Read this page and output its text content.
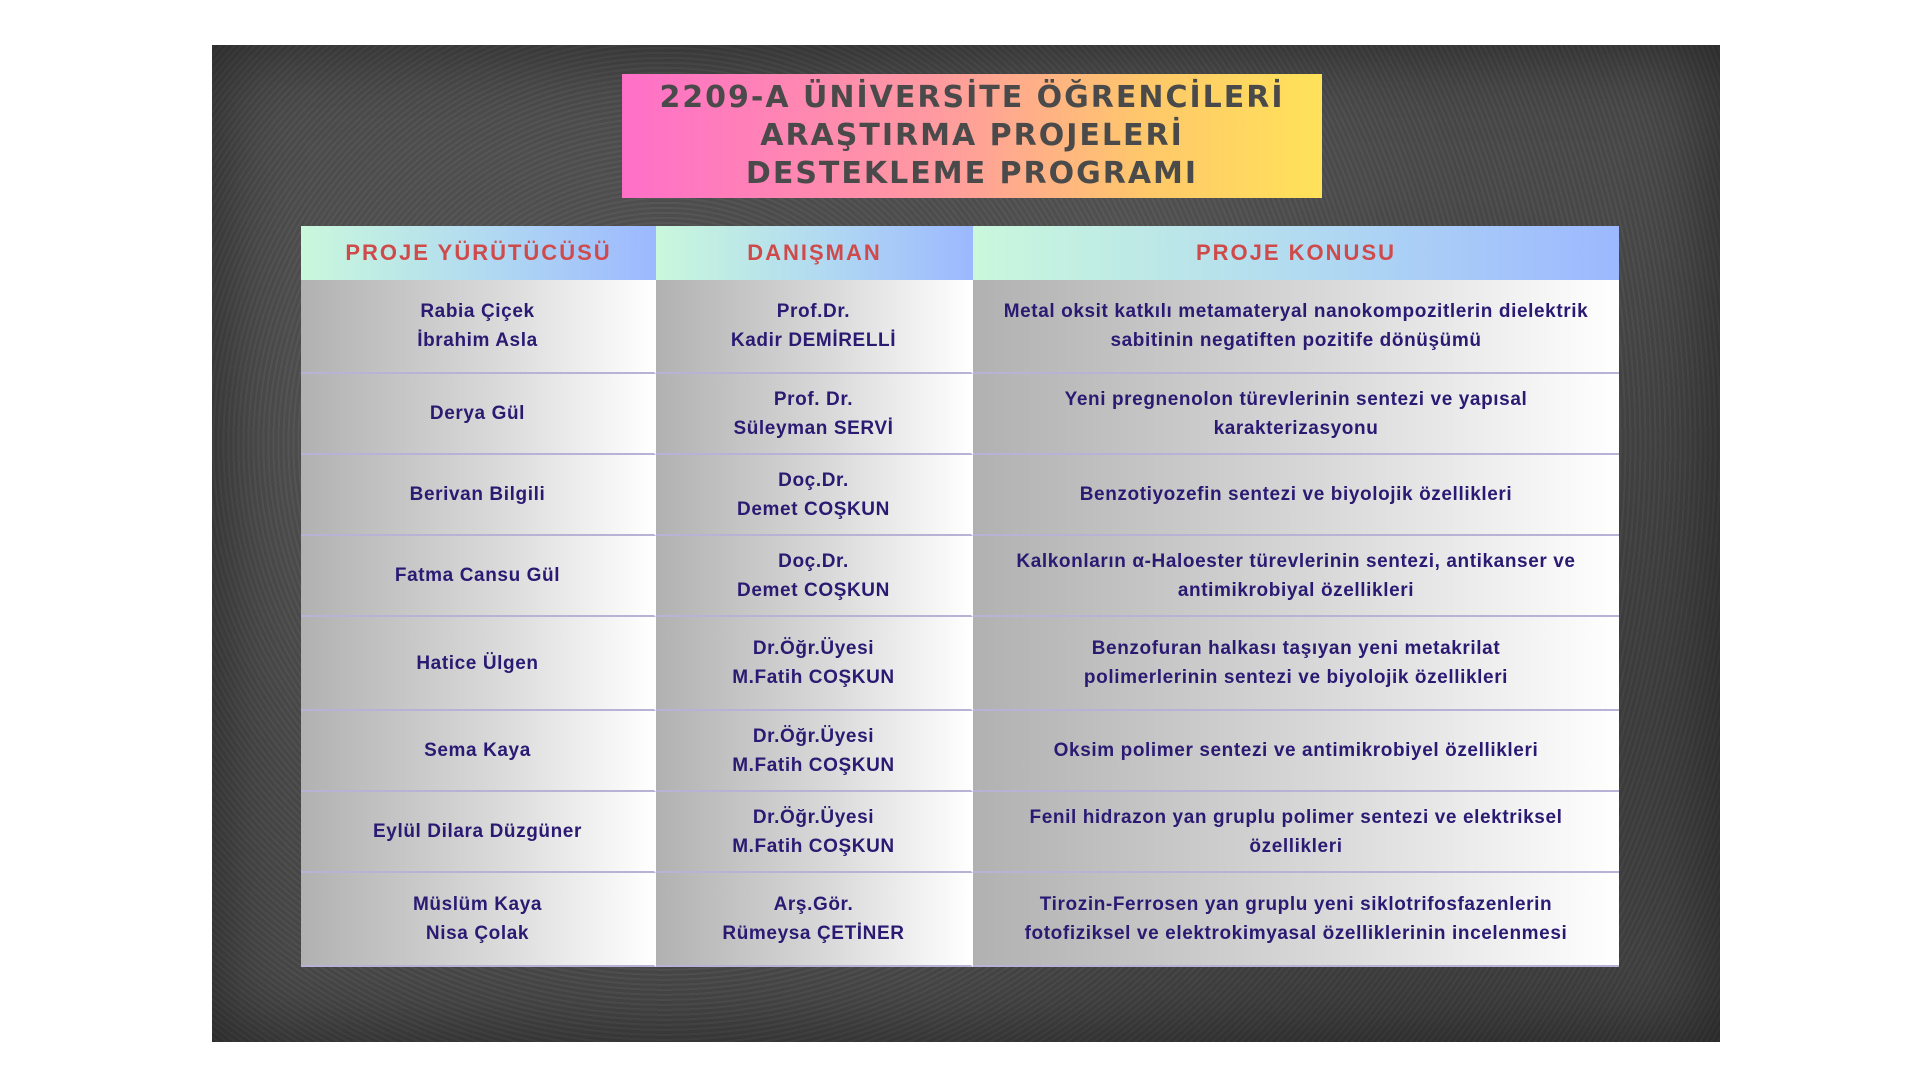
2209-A ÜNİVERSİTE ÖĞRENCİLERİ
ARAŞTIRMA PROJELERİ
DESTEKLEME PROGRAMI
PROJE YÜRÜTÜCÜSÜ	DANIŞMAN	PROJE KONUSU
Rabia Çiçek
İbrahim Asla
Prof.Dr.
Kadir DEMİRELLİ
Metal oksit katkılı metamateryal nanokompozitlerin dielektrik
sabitinin negatiften pozitife dönüşümü
Derya Gül
Prof. Dr.
Süleyman SERVİ
Yeni pregnenolon türevlerinin sentezi ve yapısal
karakterizasyonu
Berivan Bilgili
Doç.Dr.
Demet COŞKUN
Benzotiyozefin sentezi ve biyolojik özellikleri
Fatma Cansu Gül
Doç.Dr.
Demet COŞKUN
Kalkonların α-Haloester türevlerinin sentezi, antikanser ve
antimikrobiyal özellikleri
Hatice Ülgen
Dr.Öğr.Üyesi
M.Fatih COŞKUN
Benzofuran halkası taşıyan yeni metakrilat
polimerlerinin sentezi ve biyolojik özellikleri
Sema Kaya
Dr.Öğr.Üyesi
M.Fatih COŞKUN
Oksim polimer sentezi ve antimikrobiyel özellikleri
Eylül Dilara Düzgüner
Dr.Öğr.Üyesi
M.Fatih COŞKUN
Fenil hidrazon yan gruplu polimer sentezi ve elektriksel
özellikleri
Müslüm Kaya
Nisa Çolak
Arş.Gör.
Rümeysa ÇETİNER
Tirozin-Ferrosen yan gruplu yeni siklotrifosfazenlerin
fotofiziksel ve elektrokimyasal özelliklerinin incelenmesi
